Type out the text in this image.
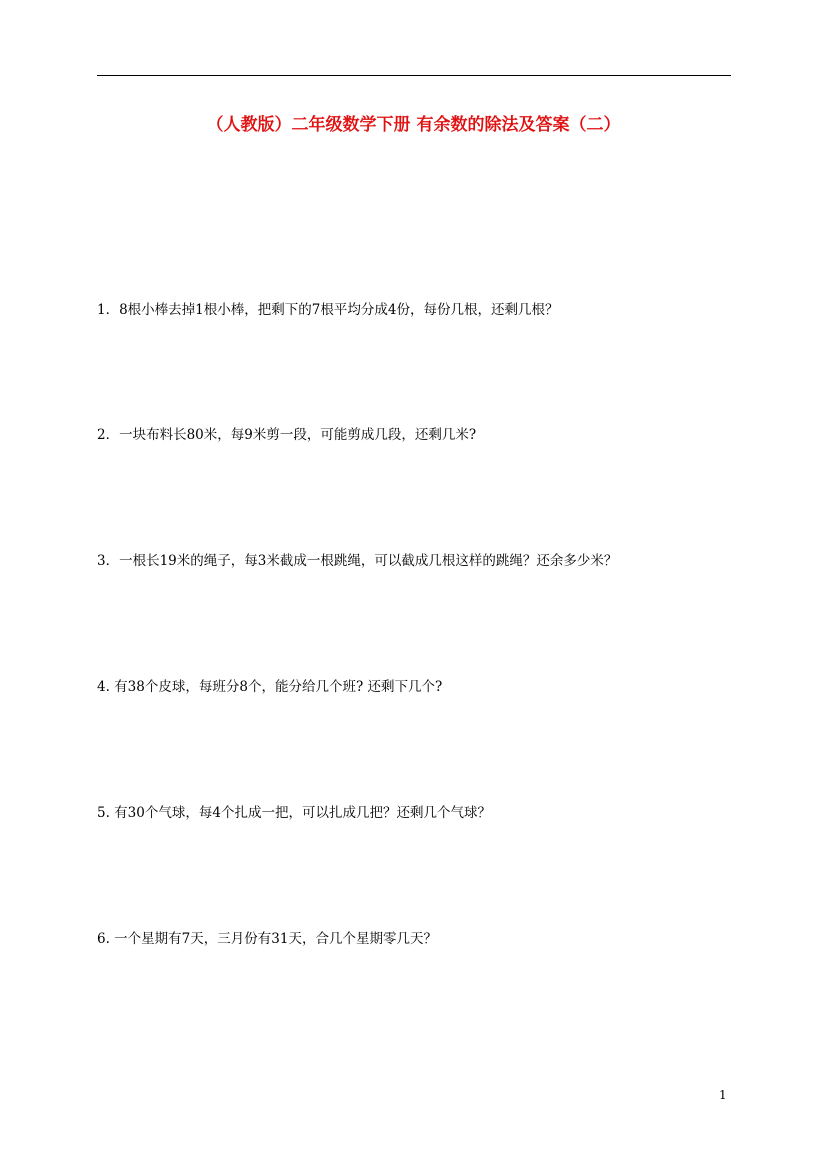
（人教版）二年级数学下册 有余数的除法及答案（二）
1．8根小棒去掉1根小棒，把剩下的7根平均分成4份，每份几根，还剩几根？
2．一块布料长80米，每9米剪一段，可能剪成几段，还剩几米?
3．一根长19米的绳子，每3米截成一根跳绳，可以截成几根这样的跳绳？还余多少米？
4. 有38个皮球，每班分8个，能分给几个班? 还剩下几个?
5. 有30个气球，每4个扎成一把，可以扎成几把？还剩几个气球？
6. 一个星期有7天，三月份有31天，合几个星期零几天？
1
